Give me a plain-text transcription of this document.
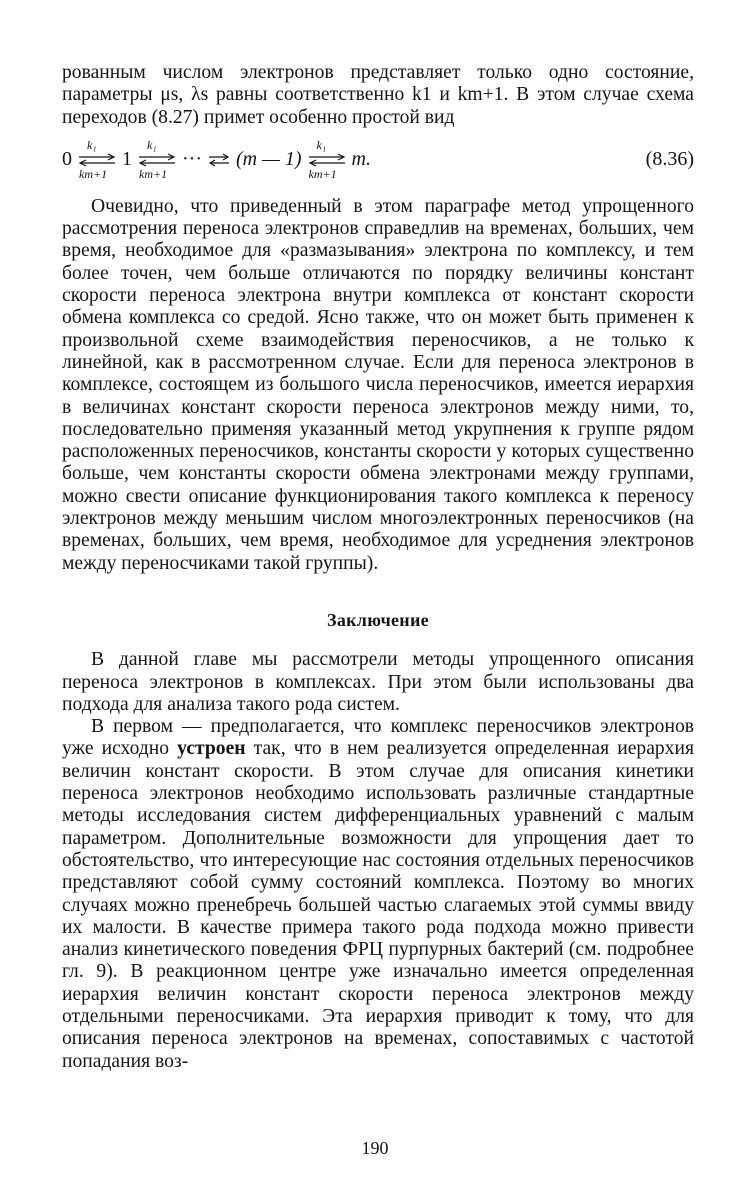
рованным числом электронов представляет только одно состояние, параметры μs, λs равны соответственно k1 и km+1. В этом случае схема переходов (8.27) примет особенно простой вид

0
k₁
km+1
1
k₁
km+1
··· ⇌ (m — 1)
k₁
km+1
m.	(8.36)

Очевидно, что приведенный в этом параграфе метод упрощенного рассмотрения переноса электронов справедлив на временах, больших, чем время, необходимое для «размазывания» электрона по комплексу, и тем более точен, чем больше отличаются по порядку величины констант скорости переноса электрона внутри комплекса от констант скорости обмена комплекса со средой. Ясно также, что он может быть применен к произвольной схеме взаимодействия переносчиков, а не только к линейной, как в рассмотренном случае. Если для переноса электронов в комплексе, состоящем из большого числа переносчиков, имеется иерархия в величинах констант скорости переноса электронов между ними, то, последовательно применяя указанный метод укрупнения к группе рядом расположенных переносчиков, константы скорости у которых существенно больше, чем константы скорости обмена электронами между группами, можно свести описание функционирования такого комплекса к переносу электронов между меньшим числом многоэлектронных переносчиков (на временах, больших, чем время, необходимое для усреднения электронов между переносчиками такой группы).

Заключение

В данной главе мы рассмотрели методы упрощенного описания переноса электронов в комплексах. При этом были использованы два подхода для анализа такого рода систем.

В первом — предполагается, что комплекс переносчиков электронов уже исходно устроен так, что в нем реализуется определенная иерархия величин констант скорости. В этом случае для описания кинетики переноса электронов необходимо использовать различные стандартные методы исследования систем дифференциальных уравнений с малым параметром. Дополнительные возможности для упрощения дает то обстоятельство, что интересующие нас состояния отдельных переносчиков представляют собой сумму состояний комплекса. Поэтому во многих случаях можно пренебречь большей частью слагаемых этой суммы ввиду их малости. В качестве примера такого рода подхода можно привести анализ кинетического поведения ФРЦ пурпурных бактерий (см. подробнее гл. 9). В реакционном центре уже изначально имеется определенная иерархия величин констант скорости переноса электронов между отдельными переносчиками. Эта иерархия приводит к тому, что для описания переноса электронов на временах, сопоставимых с частотой попадания воз-

190
